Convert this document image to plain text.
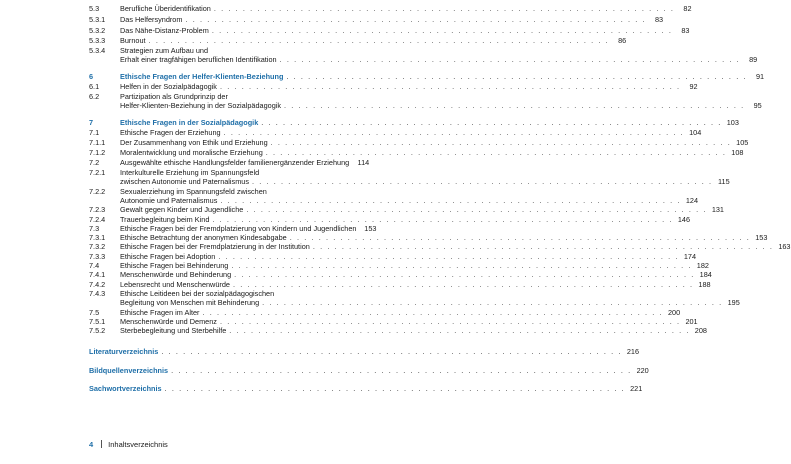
5.3	Berufliche Überidentifikation . . . . . . . . . . . . . . . . . . . . . . . . . . . . . . . . . . . . . . . . . . . . . . . . . . . . . . . . . . . . . . . .	82
5.3.1 Das Helfersyndrom . . . . . . . . . . . . . . . . . . . . . . . . . . . . . . . . . . . . . . . . . . . . . . . . . . . . . . . . . . . . . . . .	83
5.3.2 Das Nähe-Distanz-Problem . . . . . . . . . . . . . . . . . . . . . . . . . . . . . . . . . . . . . . . . . . . . . . . . . . . . . . . . . . . . . . . .	83
5.3.3 Burnout . . . . . . . . . . . . . . . . . . . . . . . . . . . . . . . . . . . . . . . . . . . . . . . . . . . . . . . . . . . . . . . .	86
5.3.4 Strategien zum Aufbau und
Erhalt einer tragfähigen beruflichen Identifikation . . . . . . . . . . . . . . . . . . . . . . . . . . . . . . . . . . . . . . . . . . . . . . . . . . . . . . . . . . . . . . . .	89
6	Ethische Fragen der Helfer-Klienten-Beziehung . . . . . . . . . . . . . . . . . . . . . . . . . . . . . . . . . . . . . . . . . . . . . . . . . . . . . . . . . . . . . . . .	91
6.1	Helfen in der Sozialpädagogik . . . . . . . . . . . . . . . . . . . . . . . . . . . . . . . . . . . . . . . . . . . . . . . . . . . . . . . . . . . . . . . .	92
6.2	Partizipation als Grundprinzip der
Helfer-Klienten-Beziehung in der Sozialpädagogik . . . . . . . . . . . . . . . . . . . . . . . . . . . . . . . . . . . . . . . . . . . . . . . . . . . . . . . . . . . . . . . .	95
7	Ethische Fragen in der Sozialpädagogik . . . . . . . . . . . . . . . . . . . . . . . . . . . . . . . . . . . . . . . . . . . . . . . . . . . . . . . . . . . . . . . . 103
7.1	Ethische Fragen der Erziehung . . . . . . . . . . . . . . . . . . . . . . . . . . . . . . . . . . . . . . . . . . . . . . . . . . . . . . . . . . . . . . . . 104
7.1.1 Der Zusammenhang von Ethik und Erziehung . . . . . . . . . . . . . . . . . . . . . . . . . . . . . . . . . . . . . . . . . . . . . . . . . . . . . . . . . . . . . . . . 105
7.1.2 Moralentwicklung und moralische Erziehung . . . . . . . . . . . . . . . . . . . . . . . . . . . . . . . . . . . . . . . . . . . . . . . . . . . . . . . . . . . . . . . . 108
7.2	Ausgewählte ethische Handlungsfelder familienergänzender Erziehung	114
7.2.1 Interkulturelle Erziehung im Spannungsfeld
zwischen Autonomie und Paternalismus . . . . . . . . . . . . . . . . . . . . . . . . . . . . . . . . . . . . . . . . . . . . . . . . . . . . . . . . . . . . . . . . 115
7.2.2 Sexualerziehung im Spannungsfeld zwischen
Autonomie und Paternalismus . . . . . . . . . . . . . . . . . . . . . . . . . . . . . . . . . . . . . . . . . . . . . . . . . . . . . . . . . . . . . . . . 124
7.2.3 Gewalt gegen Kinder und Jugendliche . . . . . . . . . . . . . . . . . . . . . . . . . . . . . . . . . . . . . . . . . . . . . . . . . . . . . . . . . . . . . . . . 131
7.2.4 Trauerbegleitung beim Kind . . . . . . . . . . . . . . . . . . . . . . . . . . . . . . . . . . . . . . . . . . . . . . . . . . . . . . . . . . . . . . . . 146
7.3	Ethische Fragen bei der Fremdplatzierung von Kindern und Jugendlichen 153
7.3.1 Ethische Betrachtung der anonymen Kindesabgabe . . . . . . . . . . . . . . . . . . . . . . . . . . . . . . . . . . . . . . . . . . . . . . . . . . . . . . . . . . . . . . . . 153
7.3.2 Ethische Fragen bei der Fremdplatzierung in der Institution . . . . . . . . . . . . . . . . . . . . . . . . . . . . . . . . . . . . . . . . . . . . . . . . . . . . . . . . . . . . . . . . 163
7.3.3 Ethische Fragen bei Adoption . . . . . . . . . . . . . . . . . . . . . . . . . . . . . . . . . . . . . . . . . . . . . . . . . . . . . . . . . . . . . . . . 174
7.4	Ethische Fragen bei Behinderung . . . . . . . . . . . . . . . . . . . . . . . . . . . . . . . . . . . . . . . . . . . . . . . . . . . . . . . . . . . . . . . . 182
7.4.1 Menschenwürde und Behinderung . . . . . . . . . . . . . . . . . . . . . . . . . . . . . . . . . . . . . . . . . . . . . . . . . . . . . . . . . . . . . . . . 184
7.4.2 Lebensrecht und Menschenwürde . . . . . . . . . . . . . . . . . . . . . . . . . . . . . . . . . . . . . . . . . . . . . . . . . . . . . . . . . . . . . . . . 188
7.4.3 Ethische Leitideen bei der sozialpädagogischen
Begleitung von Menschen mit Behinderung . . . . . . . . . . . . . . . . . . . . . . . . . . . . . . . . . . . . . . . . . . . . . . . . . . . . . . . . . . . . . . . . 195
7.5	Ethische Fragen im Alter . . . . . . . . . . . . . . . . . . . . . . . . . . . . . . . . . . . . . . . . . . . . . . . . . . . . . . . . . . . . . . . . 200
7.5.1 Menschenwürde und Demenz . . . . . . . . . . . . . . . . . . . . . . . . . . . . . . . . . . . . . . . . . . . . . . . . . . . . . . . . . . . . . . . . 201
7.5.2 Sterbebegleitung und Sterbehilfe . . . . . . . . . . . . . . . . . . . . . . . . . . . . . . . . . . . . . . . . . . . . . . . . . . . . . . . . . . . . . . . . 208
Literaturverzeichnis . . . . . . . . . . . . . . . . . . . . . . . . . . . . . . . . . . . . . . . . . . . . . . . . . . . . . . . . . . . . . . . . 216
Bildquellenverzeichnis . . . . . . . . . . . . . . . . . . . . . . . . . . . . . . . . . . . . . . . . . . . . . . . . . . . . . . . . . . . . . . . . 220
Sachwortverzeichnis . . . . . . . . . . . . . . . . . . . . . . . . . . . . . . . . . . . . . . . . . . . . . . . . . . . . . . . . . . . . . . . . 221
4 Inhaltsverzeichnis
